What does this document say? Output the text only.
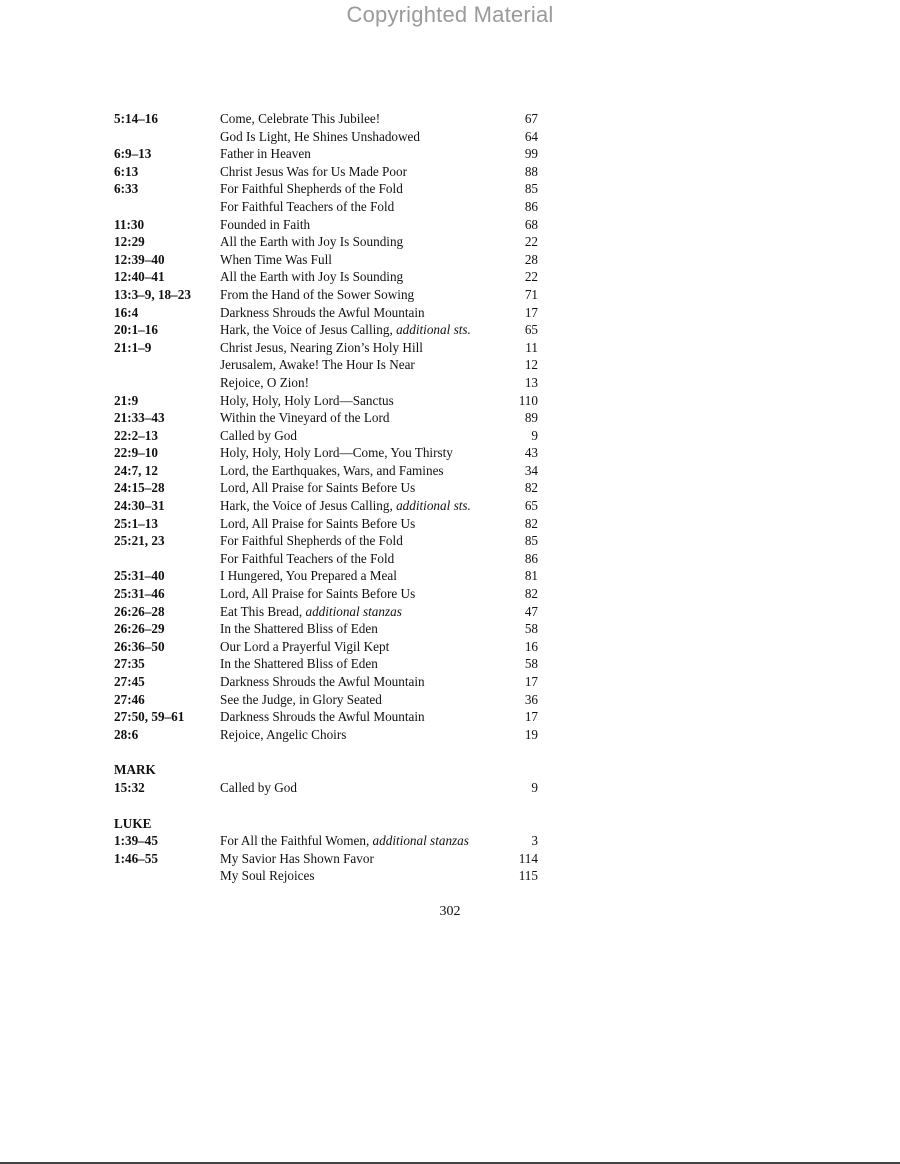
Copyrighted Material
5:14–16	Come, Celebrate This Jubilee!	67
God Is Light, He Shines Unshadowed	64
6:9–13	Father in Heaven	99
6:13	Christ Jesus Was for Us Made Poor	88
6:33	For Faithful Shepherds of the Fold	85
For Faithful Teachers of the Fold	86
11:30	Founded in Faith	68
12:29	All the Earth with Joy Is Sounding	22
12:39–40	When Time Was Full	28
12:40–41	All the Earth with Joy Is Sounding	22
13:3–9, 18–23 From the Hand of the Sower Sowing	71
16:4	Darkness Shrouds the Awful Mountain	17
20:1–16	Hark, the Voice of Jesus Calling, additional sts.	65
21:1–9	Christ Jesus, Nearing Zion’s Holy Hill	11
Jerusalem, Awake! The Hour Is Near	12
Rejoice, O Zion!	13
21:9	Holy, Holy, Holy Lord—Sanctus	110
21:33–43	Within the Vineyard of the Lord	89
22:2–13	Called by God	9
22:9–10	Holy, Holy, Holy Lord—Come, You Thirsty	43
24:7, 12	Lord, the Earthquakes, Wars, and Famines	34
24:15–28	Lord, All Praise for Saints Before Us	82
24:30–31	Hark, the Voice of Jesus Calling, additional sts.	65
25:1–13	Lord, All Praise for Saints Before Us	82
25:21, 23	For Faithful Shepherds of the Fold	85
For Faithful Teachers of the Fold	86
25:31–40	I Hungered, You Prepared a Meal	81
25:31–46	Lord, All Praise for Saints Before Us	82
26:26–28	Eat This Bread, additional stanzas	47
26:26–29	In the Shattered Bliss of Eden	58
26:36–50	Our Lord a Prayerful Vigil Kept	16
27:35	In the Shattered Bliss of Eden	58
27:45	Darkness Shrouds the Awful Mountain	17
27:46	See the Judge, in Glory Seated	36
27:50, 59–61	Darkness Shrouds the Awful Mountain	17
28:6	Rejoice, Angelic Choirs	19
MARK
15:32	Called by God	9
LUKE
1:39–45	For All the Faithful Women, additional stanzas	3
1:46–55	My Savior Has Shown Favor	114
My Soul Rejoices	115
302
